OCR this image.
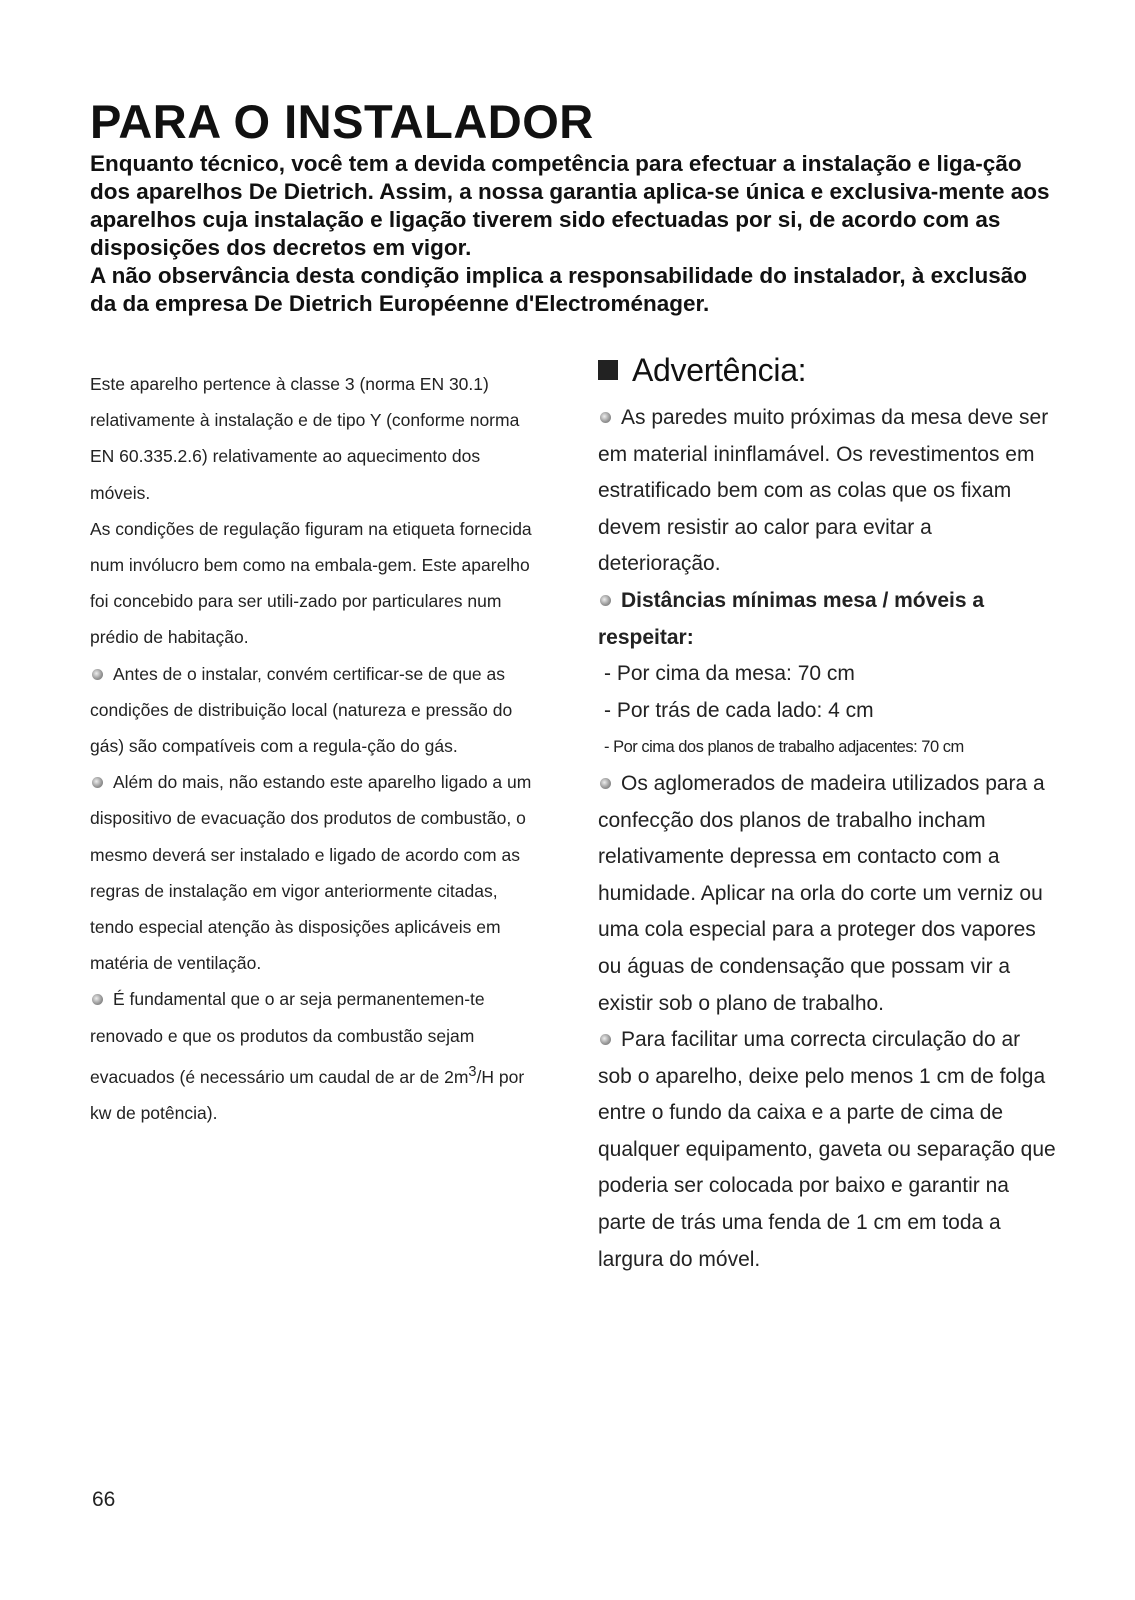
PARA O INSTALADOR

Enquanto técnico, você tem a devida competência para efectuar a instalação e liga-ção dos aparelhos De Dietrich. Assim, a nossa garantia aplica-se única e exclusiva-mente aos aparelhos cuja instalação e ligação tiverem sido efectuadas por si, de acordo com as disposições dos decretos em vigor.

A não observância desta condição implica a responsabilidade do instalador, à exclusão da da empresa De Dietrich Européenne d'Electroménager.

Este aparelho pertence à classe 3 (norma EN 30.1) relativamente à instalação e de tipo Y (conforme norma EN 60.335.2.6) relativamente ao aquecimento dos móveis.

As condições de regulação figuram na etiqueta fornecida num invólucro bem como na embala-gem. Este aparelho foi concebido para ser utili-zado por particulares num prédio de habitação.

Antes de o instalar, convém certificar-se de que as condições de distribuição local (natureza e pressão do gás) são compatíveis com a regula-ção do gás.

Além do mais, não estando este aparelho ligado a um dispositivo de evacuação dos produtos de combustão, o mesmo deverá ser instalado e ligado de acordo com as regras de instalação em vigor anteriormente citadas, tendo especial atenção às disposições aplicáveis em matéria de ventilação.

É fundamental que o ar seja permanentemen-te renovado e que os produtos da combustão sejam evacuados (é necessário um caudal de ar de $2m^3/H$ por kw de potência).

Advertência:

As paredes muito próximas da mesa deve ser em material ininflamável. Os revestimentos em estratificado bem com as colas que os fixam devem resistir ao calor para evitar a deterioração.

Distâncias mínimas mesa / móveis a respeitar:

- Por cima da mesa: 70 cm

- Por trás de cada lado: 4 cm

- Por cima dos planos de trabalho adjacentes: 70 cm

Os aglomerados de madeira utilizados para a confecção dos planos de trabalho incham relativamente depressa em contacto com a humidade. Aplicar na orla do corte um verniz ou uma cola especial para a proteger dos vapores ou águas de condensação que possam vir a existir sob o plano de trabalho.

Para facilitar uma correcta circulação do ar sob o aparelho, deixe pelo menos 1 cm de folga entre o fundo da caixa e a parte de cima de qualquer equipamento, gaveta ou separação que poderia ser colocada por baixo e garantir na parte de trás uma fenda de 1 cm em toda a largura do móvel.

66
